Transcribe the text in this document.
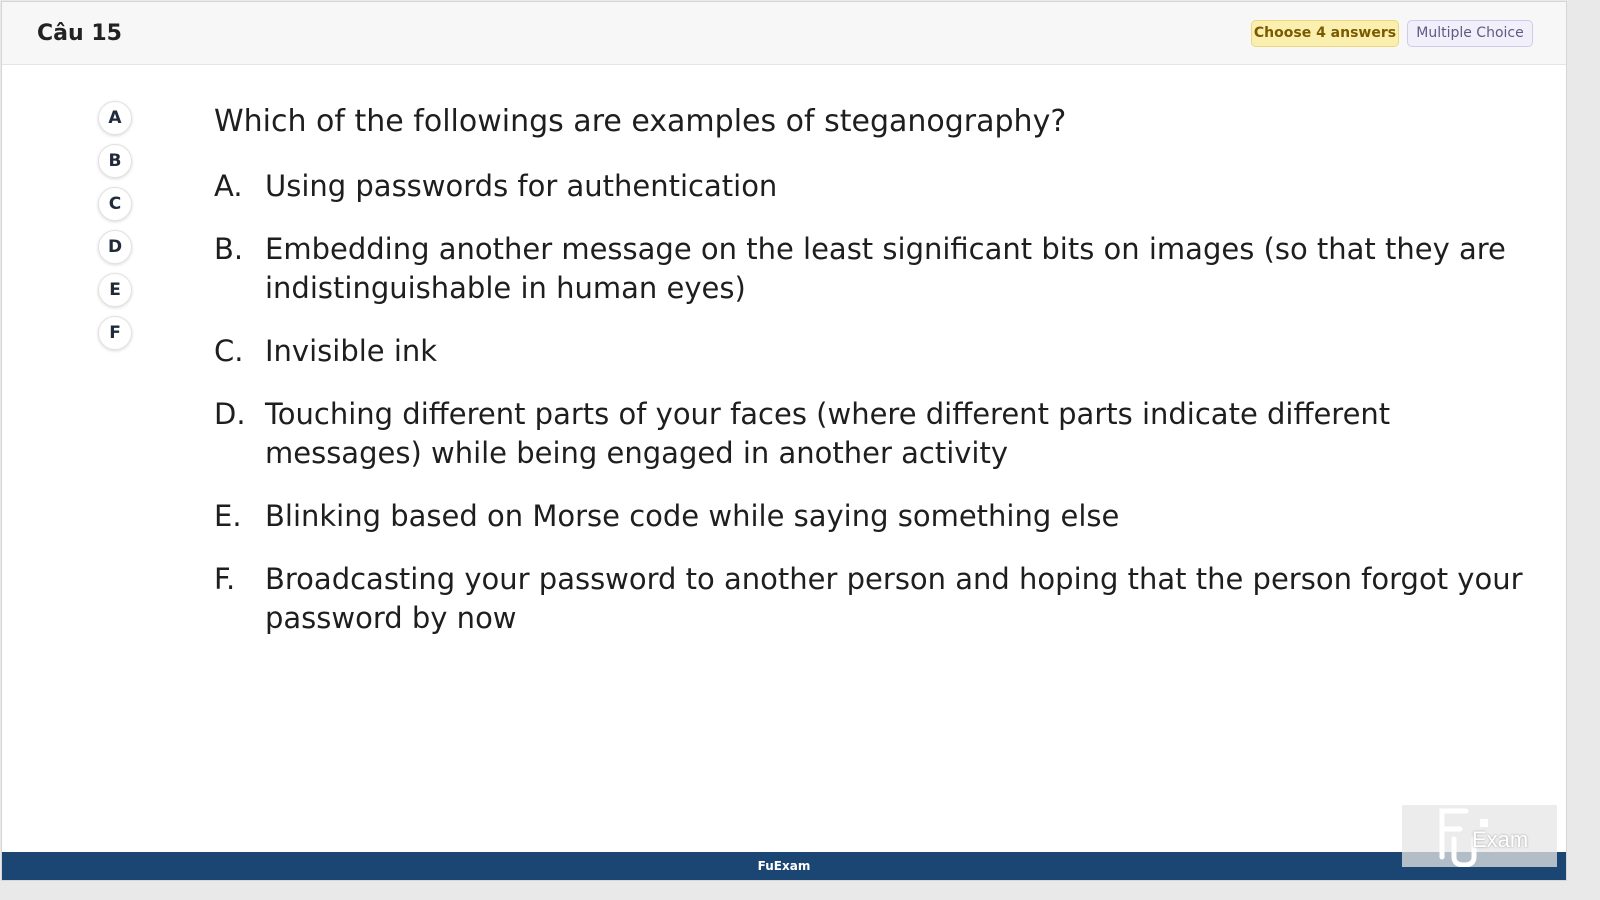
Câu 15	Choose 4 answers	Multiple Choice
A
B
C
D
E
F
Which of the followings are examples of steganography?
A. Using passwords for authentication
B. Embedding another message on the least significant bits on images (so that they are indistinguishable in human eyes)
C. Invisible ink
D. Touching different parts of your faces (where different parts indicate different messages) while being engaged in another activity
E. Blinking based on Morse code while saying something else
F. Broadcasting your password to another person and hoping that the person forgot your password by now
FuExam
Exam
